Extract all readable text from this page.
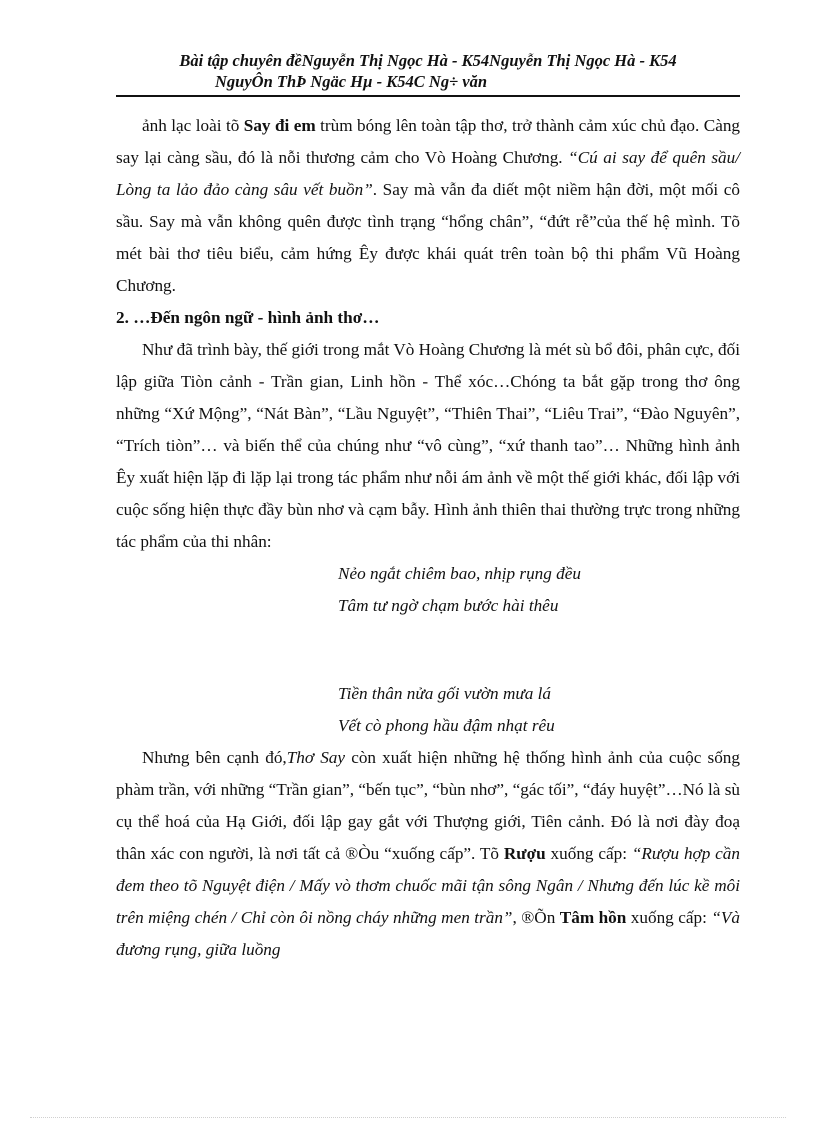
Bài tập chuyên đềNguyễn Thị Ngọc Hà - K54Nguyễn Thị Ngọc Hà - K54
NguyÔn ThÞ Ngäc Hµ - K54C Ng÷ văn

ảnh lạc loài tõ Say đi em trùm bóng lên toàn tập thơ, trở thành cảm xúc chủ đạo. Càng say lại càng sầu, đó là nỗi thương cảm cho Vò Hoàng Chương. “Cú ai say để quên sầu/ Lòng ta lảo đảo càng sâu vết buồn”. Say mà vẫn đa diết một niềm hận đời, một mối cô sầu. Say mà vẫn không quên được tình trạng “hổng chân”, “đứt rễ”của thế hệ mình. Tõ mét bài thơ tiêu biểu, cảm hứng Êy được khái quát trên toàn bộ thi phẩm Vũ Hoàng Chương.

2. …Đến ngôn ngữ - hình ảnh thơ…

Như đã trình bày, thế giới trong mắt Vò Hoàng Chương là mét sù bổ đôi, phân cực, đối lập giữa Tiòn cảnh - Trần gian, Linh hồn - Thể xóc…Chóng ta bắt gặp trong thơ ông những “Xứ Mộng”, “Nát Bàn”, “Lầu Nguyệt”, “Thiên Thai”, “Liêu Trai”, “Đào Nguyên”, “Trích tiòn”… và biến thể của chúng như “vô cùng”, “xứ thanh tao”… Những hình ảnh Êy xuất hiện lặp đi lặp lại trong tác phẩm như nỗi ám ảnh về một thế giới khác, đối lập với cuộc sống hiện thực đầy bùn nhơ và cạm bẫy. Hình ảnh thiên thai thường trực trong những tác phẩm của thi nhân:

Nẻo ngắt chiêm bao, nhịp rụng đều

Tâm tư ngờ chạm bước hài thêu

Tiền thân nửa gối vườn mưa lá

Vết cò phong hầu đậm nhạt rêu

Nhưng bên cạnh đó,Thơ Say còn xuất hiện những hệ thống hình ảnh của cuộc sống phàm trần, với những “Trần gian”, “bến tục”, “bùn nhơ”, “gác tối”, “đáy huyệt”…Nó là sù cụ thể hoá của Hạ Giới, đối lập gay gắt với Thượng giới, Tiên cảnh. Đó là nơi đày đoạ thân xác con người, là nơi tất cả ®Òu “xuống cấp”. Tõ Rượu xuống cấp: “Rượu hợp cần đem theo tõ Nguyệt điện / Mấy vò thơm chuốc mãi tận sông Ngân / Nhưng đến lúc kề môi trên miệng chén / Chỉ còn ôi nồng cháy những men trần”, ®Õn Tâm hồn xuống cấp: “Và đương rụng, giữa luồng
